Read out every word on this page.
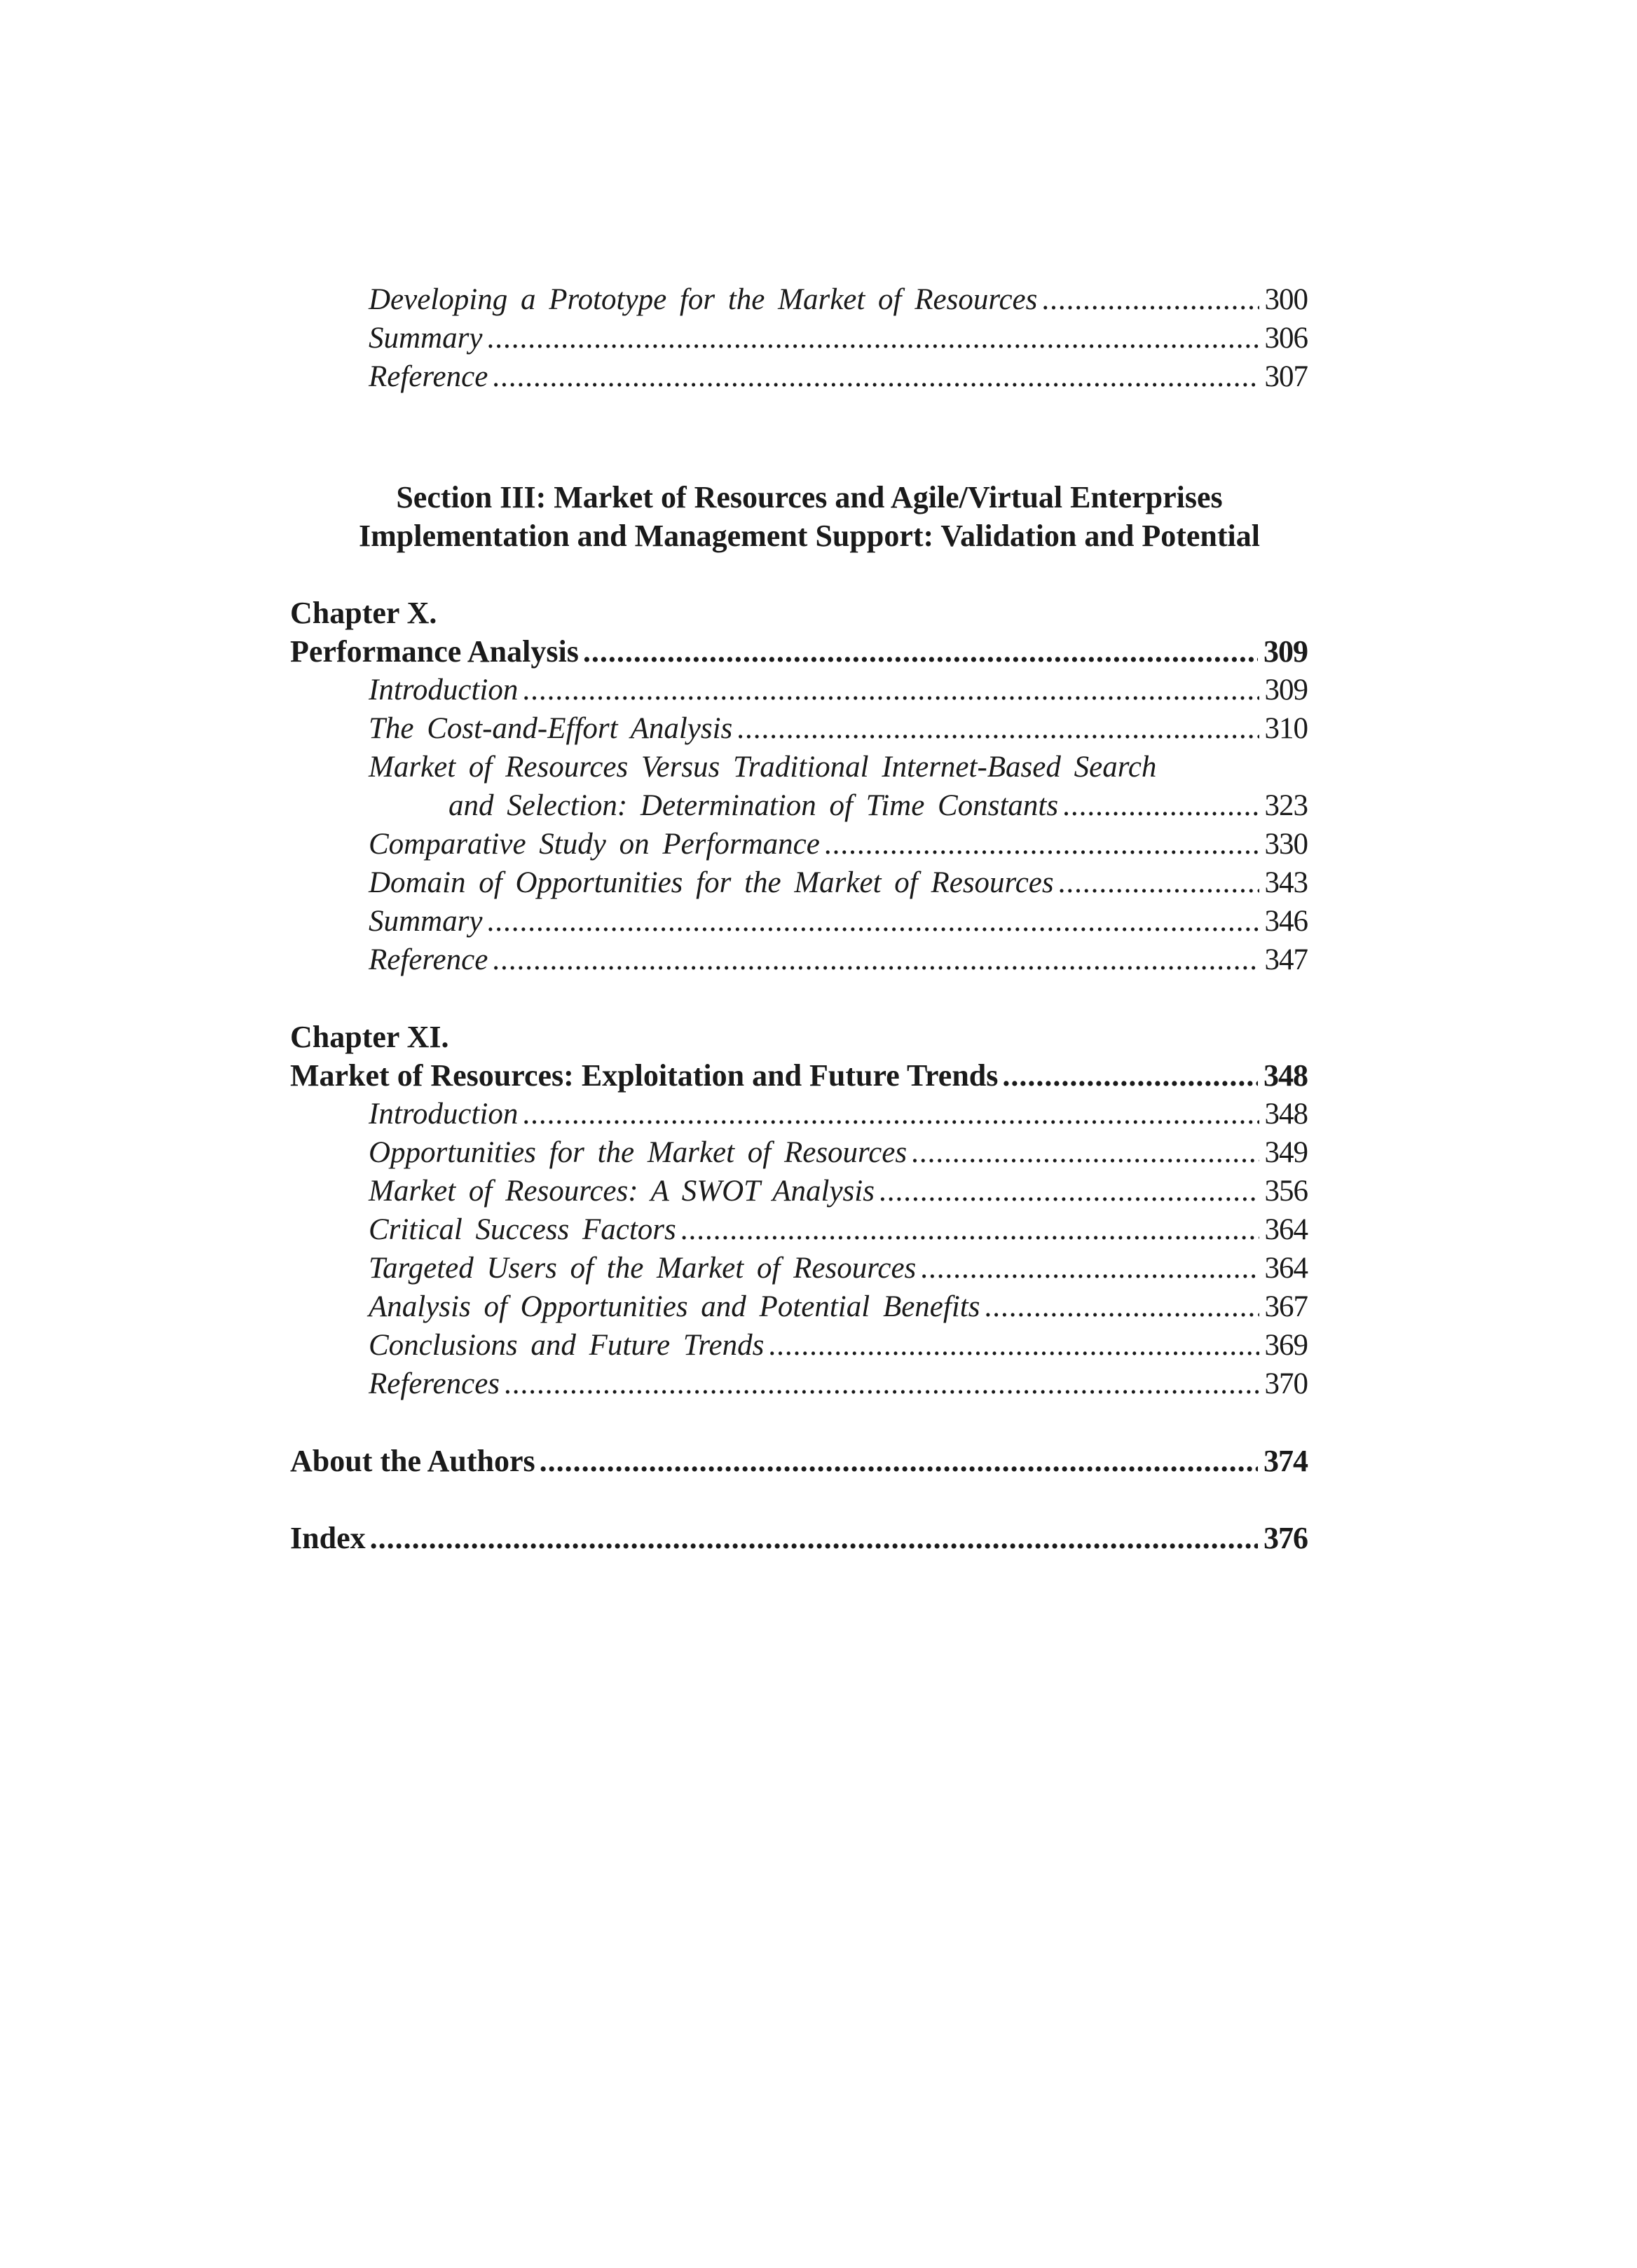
Developing a Prototype for the Market of Resources .....	300
Summary .....	306
Reference .....	307
Section III: Market of Resources and Agile/Virtual Enterprises
Implementation and Management Support: Validation and Potential
Chapter X.
Performance Analysis .....	309
Introduction .....	309
The Cost-and-Effort Analysis .....	310
Market of Resources Versus Traditional Internet-Based Search
and Selection: Determination of Time Constants .....	323
Comparative Study on Performance .....	330
Domain of Opportunities for the Market of Resources .....	343
Summary .....	346
Reference .....	347
Chapter XI.
Market of Resources: Exploitation and Future Trends .....	348
Introduction .....	348
Opportunities for the Market of Resources .....	349
Market of Resources: A SWOT Analysis .....	356
Critical Success Factors .....	364
Targeted Users of the Market of Resources .....	364
Analysis of Opportunities and Potential Benefits .....	367
Conclusions and Future Trends .....	369
References .....	370
About the Authors .....	374
Index .....	376
